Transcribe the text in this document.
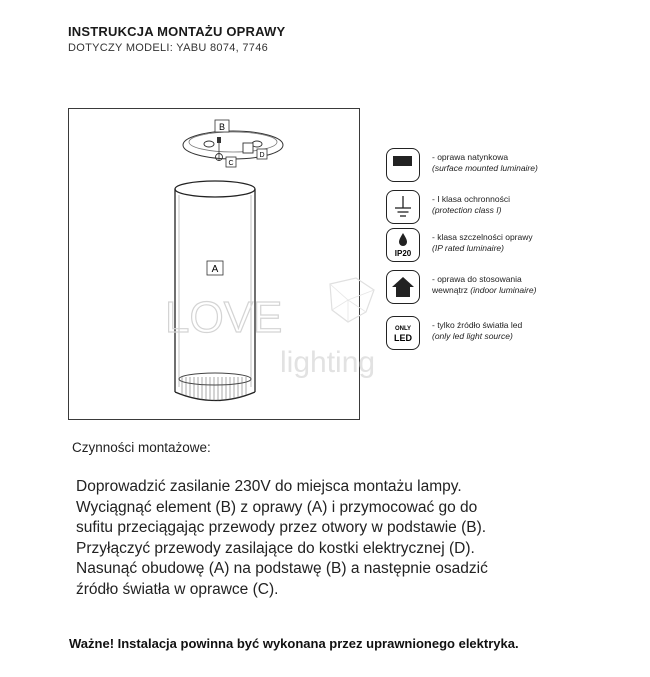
INSTRUKCJA MONTAŻU OPRAWY
DOTYCZY MODELI: YABU 8074, 7746
B
C
D
A
LOVE
lighting
- oprawa natynkowa
(surface mounted luminaire)
- I klasa ochronności
(protection class I)
IP20
- klasa szczelności oprawy
(IP rated luminaire)
- oprawa do stosowania
wewnątrz (indoor luminaire)
ONLY
LED
- tylko źródło światła led
(only led light source)
Czynności montażowe:
Doprowadzić zasilanie 230V do miejsca montażu lampy.
Wyciągnąć element (B) z oprawy (A) i przymocować go do
sufitu przeciągając przewody przez otwory w podstawie (B).
Przyłączyć przewody zasilające do kostki elektrycznej (D).
Nasunąć obudowę (A) na podstawę (B) a następnie osadzić
źródło światła w oprawce (C).
Ważne! Instalacja powinna być wykonana przez uprawnionego elektryka.
